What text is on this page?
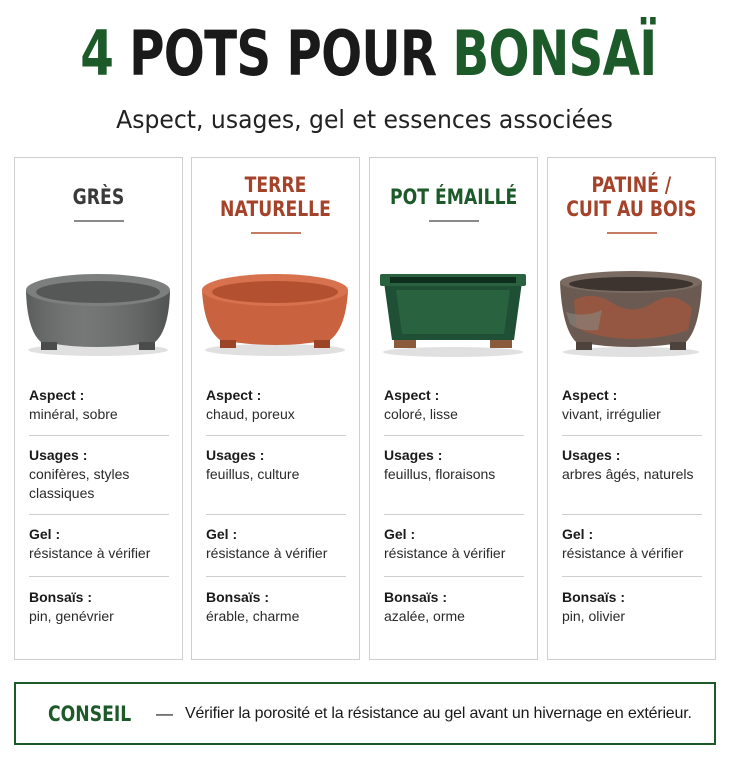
4 POTS POUR BONSAÏ
Aspect, usages, gel et essences associées
GRÈS
Aspect :
minéral, sobre
Usages :
conifères, styles classiques
Gel :
résistance à vérifier
Bonsaïs :
pin, genévrier
TERRE NATURELLE
Aspect :
chaud, poreux
Usages :
feuillus, culture
Gel :
résistance à vérifier
Bonsaïs :
érable, charme
POT ÉMAILLÉ
Aspect :
coloré, lisse
Usages :
feuillus, floraisons
Gel :
résistance à vérifier
Bonsaïs :
azalée, orme
PATINÉ /
CUIT AU BOIS
Aspect :
vivant, irrégulier
Usages :
arbres âgés, naturels
Gel :
résistance à vérifier
Bonsaïs :
pin, olivier
CONSEIL — Vérifier la porosité et la résistance au gel avant un hivernage en extérieur.
